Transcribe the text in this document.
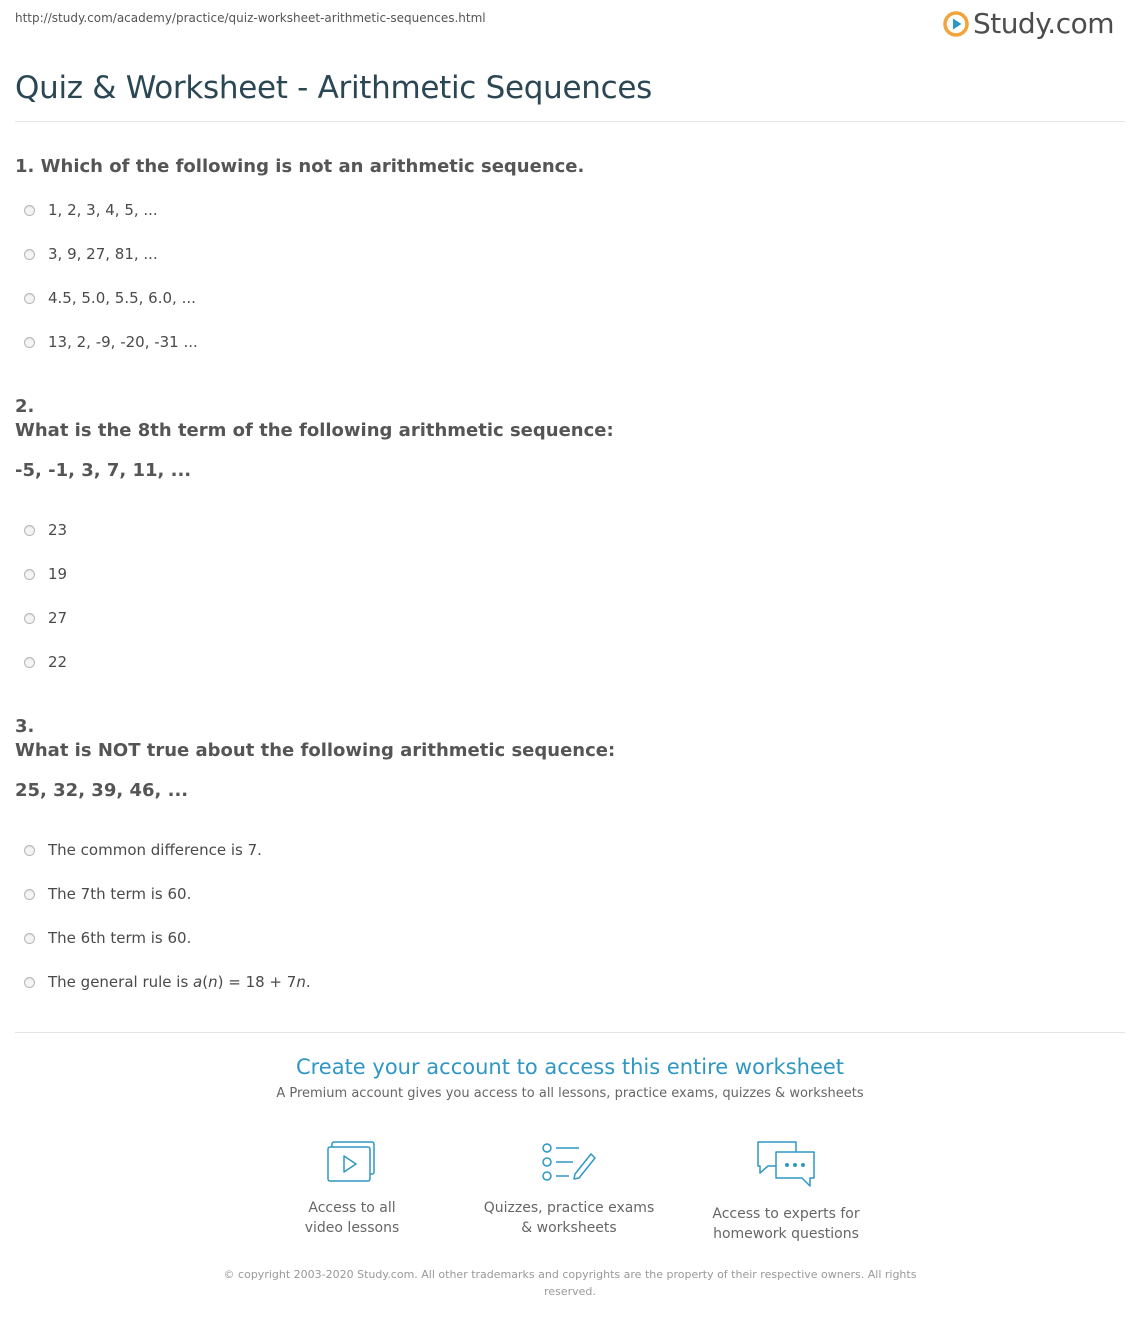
http://study.com/academy/practice/quiz-worksheet-arithmetic-sequences.html	Study.com
Quiz & Worksheet - Arithmetic Sequences
1. Which of the following is not an arithmetic sequence.
1, 2, 3, 4, 5, ...
3, 9, 27, 81, ...
4.5, 5.0, 5.5, 6.0, ...
13, 2, -9, -20, -31 ...
2.
What is the 8th term of the following arithmetic sequence:
-5, -1, 3, 7, 11, ...
23
19
27
22
3.
What is NOT true about the following arithmetic sequence:
25, 32, 39, 46, ...
The common difference is 7.
The 7th term is 60.
The 6th term is 60.
The general rule is a(n) = 18 + 7n.
Create your account to access this entire worksheet
A Premium account gives you access to all lessons, practice exams, quizzes & worksheets
Access to all
video lessons
Quizzes, practice exams
& worksheets
Access to experts for
homework questions
© copyright 2003-2020 Study.com. All other trademarks and copyrights are the property of their respective owners. All rights reserved.
